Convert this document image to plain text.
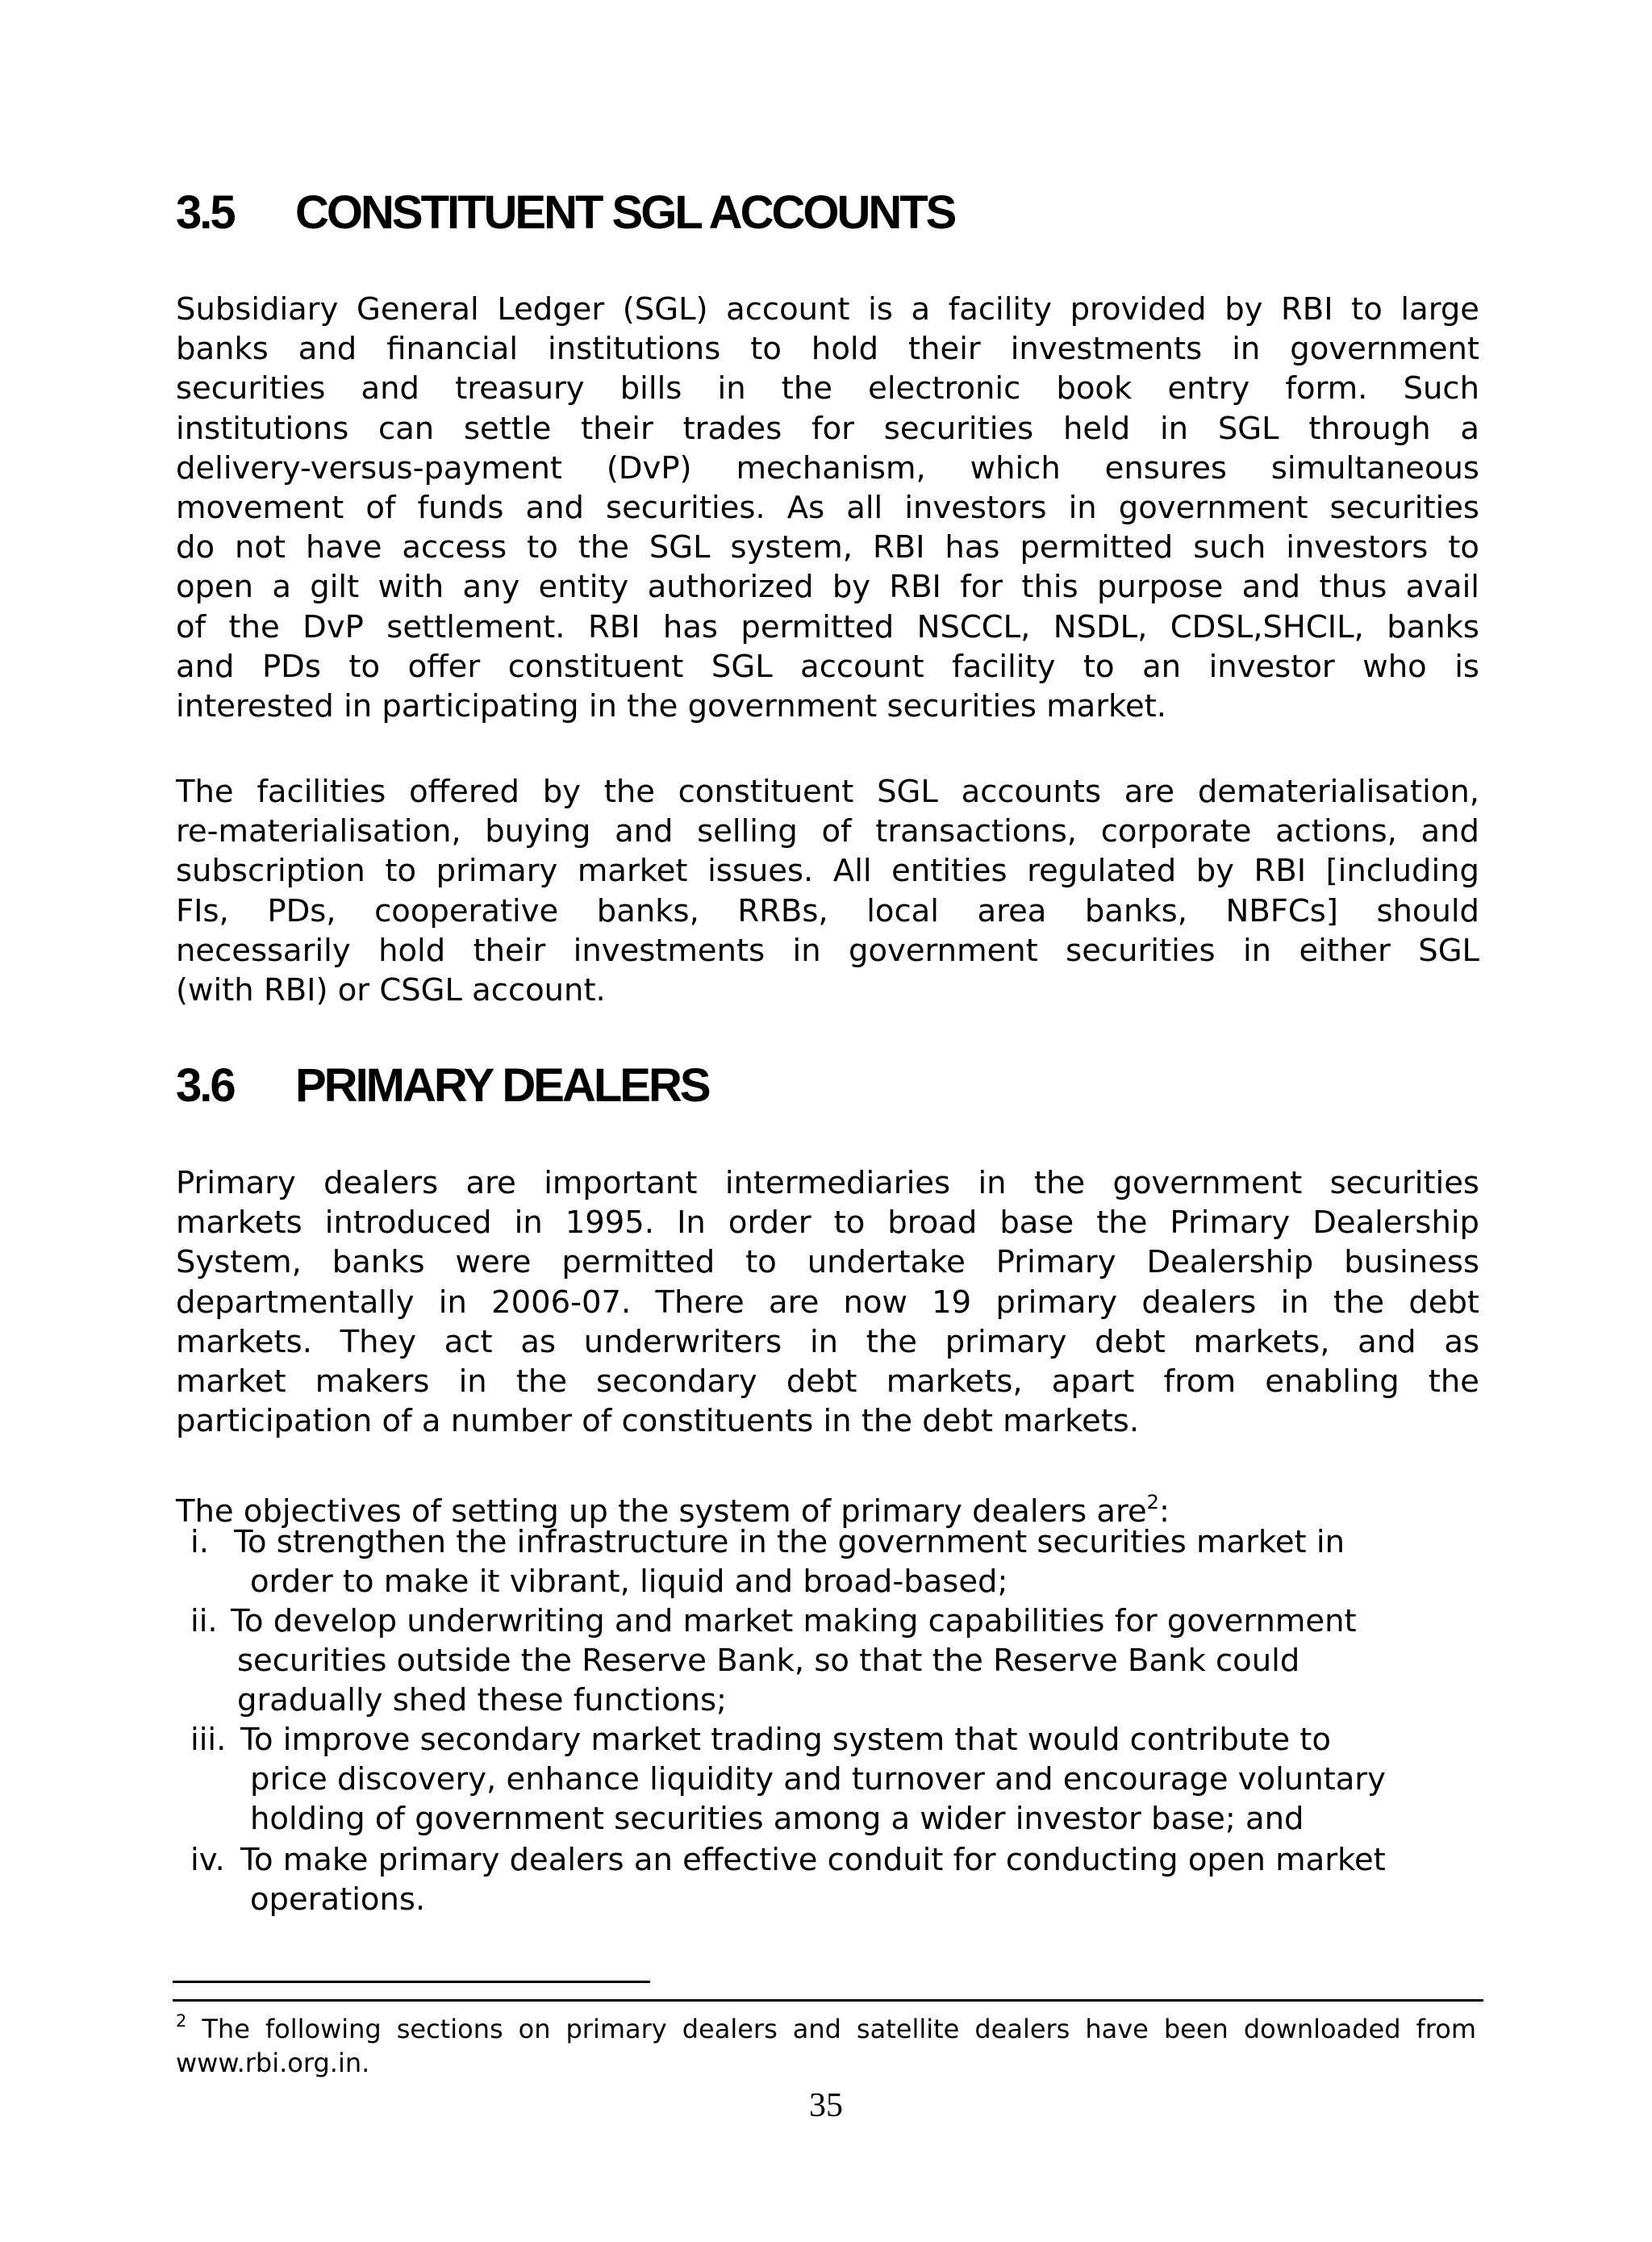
3.5 CONSTITUENT SGL ACCOUNTS
Subsidiary General Ledger (SGL) account is a facility provided by RBI to large
banks and financial institutions to hold their investments in government
securities and treasury bills in the electronic book entry form. Such
institutions can settle their trades for securities held in SGL through a
delivery-versus-payment (DvP) mechanism, which ensures simultaneous
movement of funds and securities. As all investors in government securities
do not have access to the SGL system, RBI has permitted such investors to
open a gilt with any entity authorized by RBI for this purpose and thus avail
of the DvP settlement. RBI has permitted NSCCL, NSDL, CDSL,SHCIL, banks
and PDs to offer constituent SGL account facility to an investor who is
interested in participating in the government securities market.
The facilities offered by the constituent SGL accounts are dematerialisation,
re-materialisation, buying and selling of transactions, corporate actions, and
subscription to primary market issues. All entities regulated by RBI [including
FIs, PDs, cooperative banks, RRBs, local area banks, NBFCs] should
necessarily hold their investments in government securities in either SGL
(with RBI) or CSGL account.
3.6 PRIMARY DEALERS
Primary dealers are important intermediaries in the government securities
markets introduced in 1995. In order to broad base the Primary Dealership
System, banks were permitted to undertake Primary Dealership business
departmentally in 2006-07. There are now 19 primary dealers in the debt
markets. They act as underwriters in the primary debt markets, and as
market makers in the secondary debt markets, apart from enabling the
participation of a number of constituents in the debt markets.

The objectives of setting up the system of primary dealers are$^2$:

i. To strengthen the infrastructure in the government securities market in
order to make it vibrant, liquid and broad-based;
ii. To develop underwriting and market making capabilities for government
securities outside the Reserve Bank, so that the Reserve Bank could
gradually shed these functions;
iii. To improve secondary market trading system that would contribute to
price discovery, enhance liquidity and turnover and encourage voluntary
holding of government securities among a wider investor base; and
iv. To make primary dealers an effective conduit for conducting open market
operations.
$^2$ The following sections on primary dealers and satellite dealers have been downloaded from
www.rbi.org.in.

35
